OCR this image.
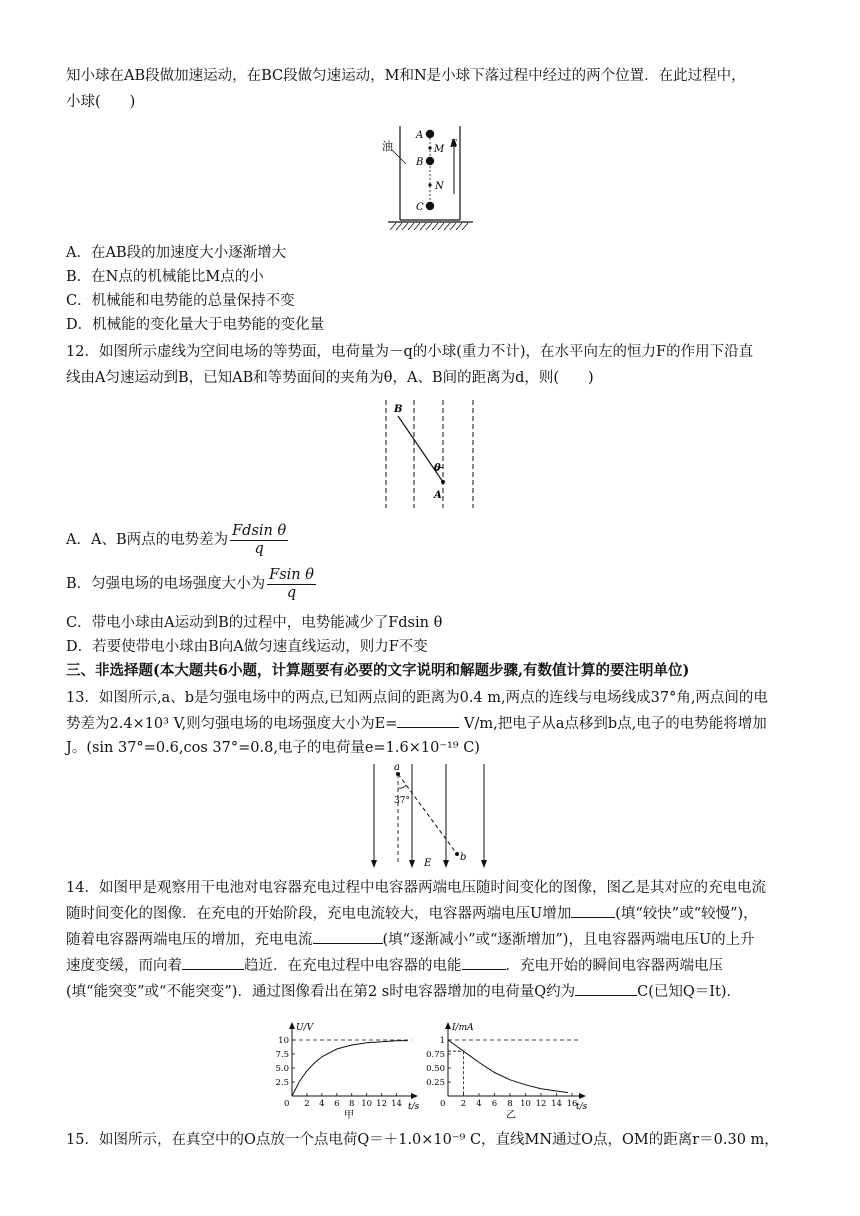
知小球在AB段做加速运动，在BC段做匀速运动，M和N是小球下落过程中经过的两个位置．在此过程中，
小球(　　)
油
A
M
B
N
C
E
A．在AB段的加速度大小逐渐增大
B．在N点的机械能比M点的小
C．机械能和电势能的总量保持不变
D．机械能的变化量大于电势能的变化量
12．如图所示虚线为空间电场的等势面，电荷量为－q的小球(重力不计)，在水平向左的恒力F的作用下沿直
线由A匀速运动到B，已知AB和等势面间的夹角为θ，A、B间的距离为d，则(　　)
B
A
θ
A．A、B两点的电势差为 $\frac{\text{Fdsin θ}}{q}$
B．匀强电场的电场强度大小为 $\frac{\text{Fsin θ}}{q}$
C．带电小球由A运动到B的过程中，电势能减少了Fdsin θ
D．若要使带电小球由B向A做匀速直线运动，则力F不变
三、非选择题(本大题共6小题，计算题要有必要的文字说明和解题步骤,有数值计算的要注明单位)
13．如图所示,a、b是匀强电场中的两点,已知两点间的距离为0.4 m,两点的连线与电场线成37°角,两点间的电
势差为2.4×10³ V,则匀强电场的电场强度大小为E=	V/m,把电子从a点移到b点,电子的电势能将增加
J。(sin 37°=0.6,cos 37°=0.8,电子的电荷量e=1.6×10⁻¹⁹ C)
a
b
37°
E
14．如图甲是观察用干电池对电容器充电过程中电容器两端电压随时间变化的图像，图乙是其对应的充电电流
随时间变化的图像．在充电的开始阶段，充电电流较大，电容器两端电压U增加	(填“较快”或“较慢”)，
随着电容器两端电压的增加，充电电流	(填“逐渐减小”或“逐渐增加”)，且电容器两端电压U的上升
速度变缓，而向着	趋近．在充电过程中电容器的电能	．充电开始的瞬间电容器两端电压
(填“能突变”或“不能突变”)．通过图像看出在第2 s时电容器增加的电荷量Q约为	C(已知Q＝It)．
U/V
t/s
0 2 4 6 8 10 12 14
2.5
5.0
7.5
10
甲
I/mA
t/s
0 2 4 6 8 10 12 14 16
0.25
0.50
0.75
1
乙
15．如图所示，在真空中的O点放一个点电荷Q＝＋1.0×10⁻⁹ C，直线MN通过O点，OM的距离r＝0.30 m，
